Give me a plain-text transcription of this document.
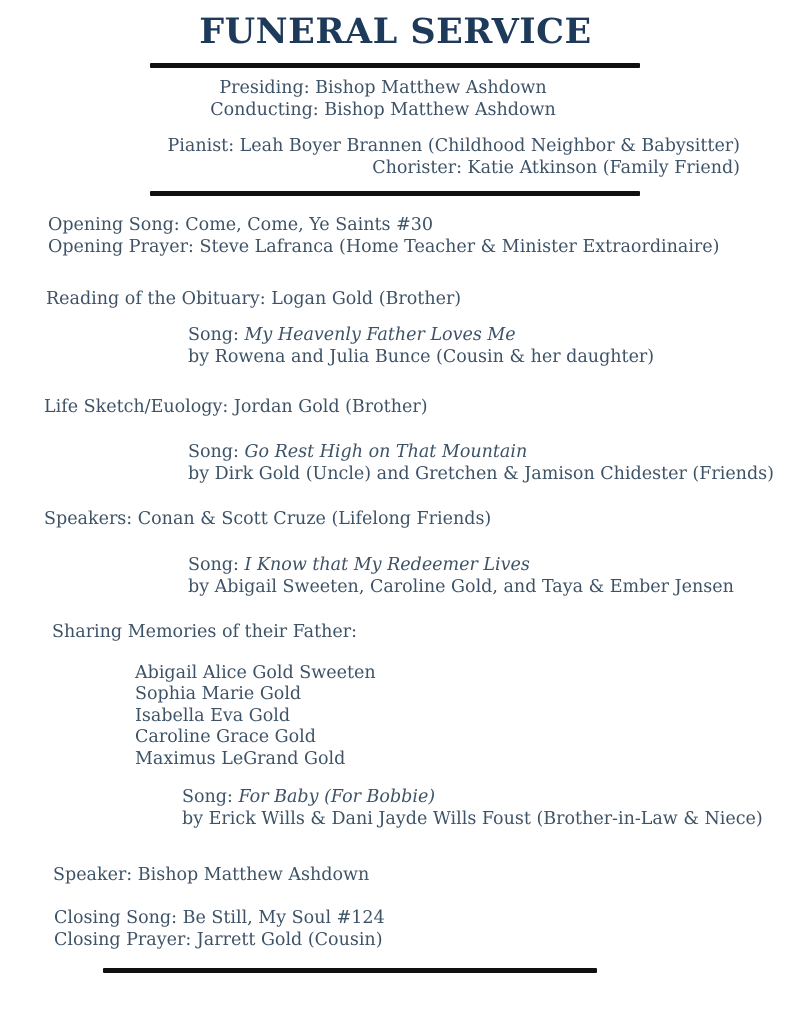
FUNERAL SERVICE
Presiding: Bishop Matthew Ashdown
Conducting: Bishop Matthew Ashdown
Pianist: Leah Boyer Brannen (Childhood Neighbor & Babysitter)
Chorister: Katie Atkinson (Family Friend)
Opening Song: Come, Come, Ye Saints #30
Opening Prayer: Steve Lafranca (Home Teacher & Minister Extraordinaire)
Reading of the Obituary: Logan Gold (Brother)
Song: My Heavenly Father Loves Me
by Rowena and Julia Bunce (Cousin & her daughter)
Life Sketch/Euology: Jordan Gold (Brother)
Song: Go Rest High on That Mountain
by Dirk Gold (Uncle) and Gretchen & Jamison Chidester (Friends)
Speakers: Conan & Scott Cruze (Lifelong Friends)
Song: I Know that My Redeemer Lives
by Abigail Sweeten, Caroline Gold, and Taya & Ember Jensen
Sharing Memories of their Father:
Abigail Alice Gold Sweeten
Sophia Marie Gold
Isabella Eva Gold
Caroline Grace Gold
Maximus LeGrand Gold
Song: For Baby (For Bobbie)
by Erick Wills & Dani Jayde Wills Foust (Brother-in-Law & Niece)
Speaker: Bishop Matthew Ashdown
Closing Song: Be Still, My Soul #124
Closing Prayer: Jarrett Gold (Cousin)
